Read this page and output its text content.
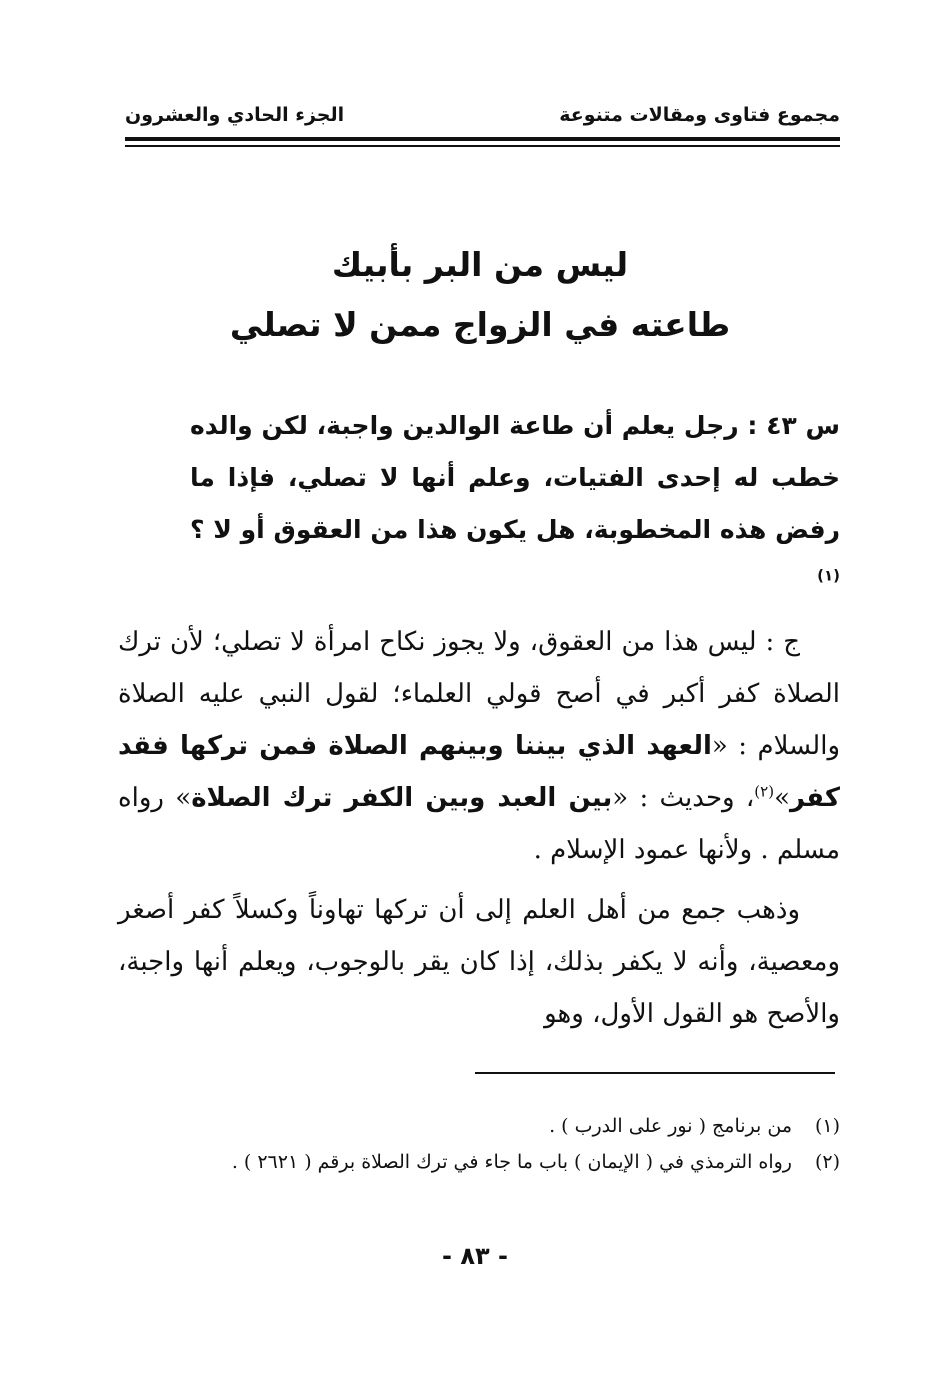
مجموع فتاوى ومقالات متنوعة
الجزء الحادي والعشرون
ليس من البر بأبيك
طاعته في الزواج ممن لا تصلي

س ٤٣ : رجل يعلم أن طاعة الوالدين واجبة، لكن والده خطب له إحدى الفتيات، وعلم أنها لا تصلي، فإذا ما رفض هذه المخطوبة، هل يكون هذا من العقوق أو لا ؟$^{(١)}$

ج : ليس هذا من العقوق، ولا يجوز نكاح امرأة لا تصلي؛ لأن ترك الصلاة كفر أكبر في أصح قولي العلماء؛ لقول النبي عليه الصلاة والسلام : «العهد الذي بيننا وبينهم الصلاة فمن تركها فقد كفر»$^{(٢)}$، وحديث : «بين العبد وبين الكفر ترك الصلاة» رواه مسلم . ولأنها عمود الإسلام .

وذهب جمع من أهل العلم إلى أن تركها تهاوناً وكسلاً كفر أصغر ومعصية، وأنه لا يكفر بذلك، إذا كان يقر بالوجوب، ويعلم أنها واجبة، والأصح هو القول الأول، وهو

(١)
من برنامج ( نور على الدرب ) .
(٢)
رواه الترمذي في ( الإيمان ) باب ما جاء في ترك الصلاة برقم ( ٢٦٢١ ) .
- ٨٣ -
